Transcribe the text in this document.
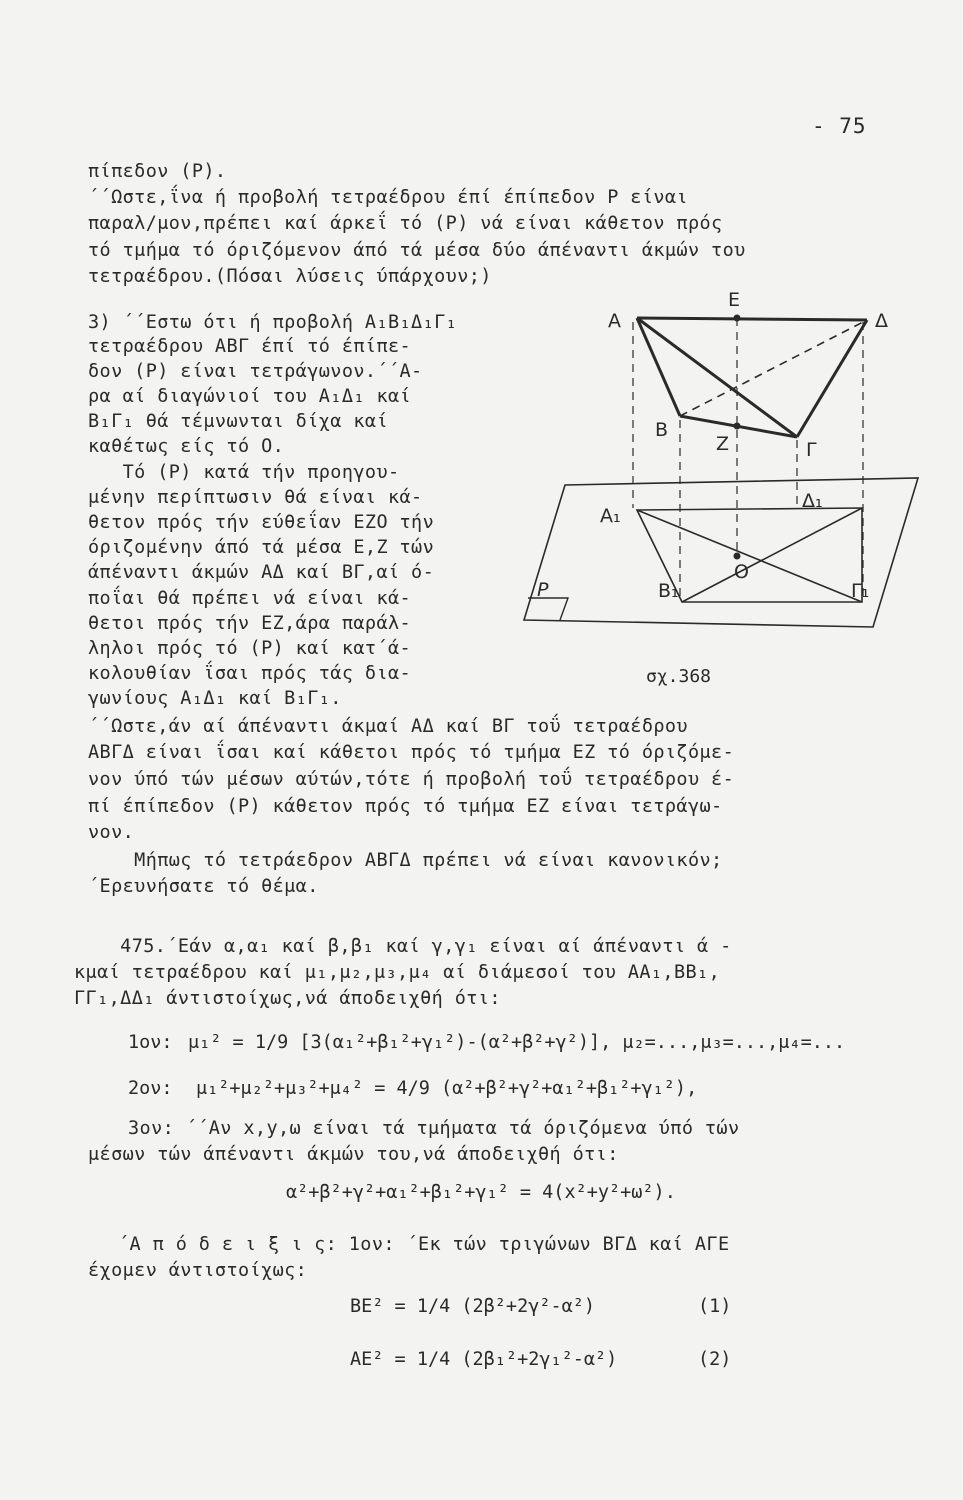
- 75
πίπεδον (P).
΄΄Ωστε,ΐνα ή προβολή τετραέδρου έπί έπίπεδον P είναι
παραλ/μον,πρέπει καί άρκεΐ τό (P) νά είναι κάθετον πρός
τό τμήμα τό όριζόμενον άπό τά μέσα δύο άπέναντι άκμών του
τετραέδρου.(Πόσαι λύσεις ύπάρχουν;)
3) ΄΄Εστω ότι ή προβολή Α₁Β₁Δ₁Γ₁
τετραέδρου ΑΒΓ έπί τό έπίπε-
δον (P) είναι τετράγωνον.΄΄Α-
ρα αί διαγώνιοί του Α₁Δ₁ καί
Β₁Γ₁ θά τέμνωνται δίχα καί
καθέτως είς τό O.
Τό (P) κατά τήν προηγου-
μένην περίπτωσιν θά είναι κά-
θετον πρός τήν εύθεΐαν ΕΖΟ τήν
όριζομένην άπό τά μέσα Ε,Ζ τών
άπέναντι άκμών ΑΔ καί ΒΓ,αί ό-
ποΐαι θά πρέπει νά είναι κά-
θετοι πρός τήν ΕΖ,άρα παράλ-
ληλοι πρός τό (P) καί κατ΄ά-
κολουθίαν ΐσαι πρός τάς δια-
γωνίους Α₁Δ₁ καί Β₁Γ₁.
Α
Ε
Δ
Β
Ζ	Γ
Α₁
Δ₁
O
Β₁	Γ₁
P
σχ.368
΄΄Ωστε,άν αί άπέναντι άκμαί ΑΔ καί ΒΓ τοΰ τετραέδρου
ΑΒΓΔ είναι ΐσαι καί κάθετοι πρός τό τμήμα ΕΖ τό όριζόμε-
νον ύπό τών μέσων αύτών,τότε ή προβολή τοΰ τετραέδρου έ-
πί έπίπεδον (P) κάθετον πρός τό τμήμα ΕΖ είναι τετράγω-
νον.
Μήπως τό τετράεδρον ΑΒΓΔ πρέπει νά είναι κανονικόν;
΄Ερευνήσατε τό θέμα.
475.΄Εάν α,α₁ καί β,β₁ καί γ,γ₁ είναι αί άπέναντι ά -
κμαί τετραέδρου καί μ₁,μ₂,μ₃,μ₄ αί διάμεσοί του ΑΑ₁,ΒΒ₁,
ΓΓ₁,ΔΔ₁ άντιστοίχως,νά άποδειχθή ότι:
1ον: μ₁² = 1/9 [3(α₁²+β₁²+γ₁²)-(α²+β²+γ²)], μ₂=...,μ₃=...,μ₄=...
2ον: μ₁²+μ₂²+μ₃²+μ₄² = 4/9 (α²+β²+γ²+α₁²+β₁²+γ₁²),
3ον: ΄΄Αν x,y,ω είναι τά τμήματα τά όριζόμενα ύπό τών
μέσων τών άπέναντι άκμών του,νά άποδειχθή ότι:
α²+β²+γ²+α₁²+β₁²+γ₁² = 4(x²+y²+ω²).
΄Α π ό δ ε ι ξ ι ς: 1ον: ΄Εκ τών τριγώνων ΒΓΔ καί ΑΓΕ
έχομεν άντιστοίχως:
ΒΕ² = 1/4 (2β²+2γ²-α²)	(1)
ΑΕ² = 1/4 (2β₁²+2γ₁²-α²)	(2)
